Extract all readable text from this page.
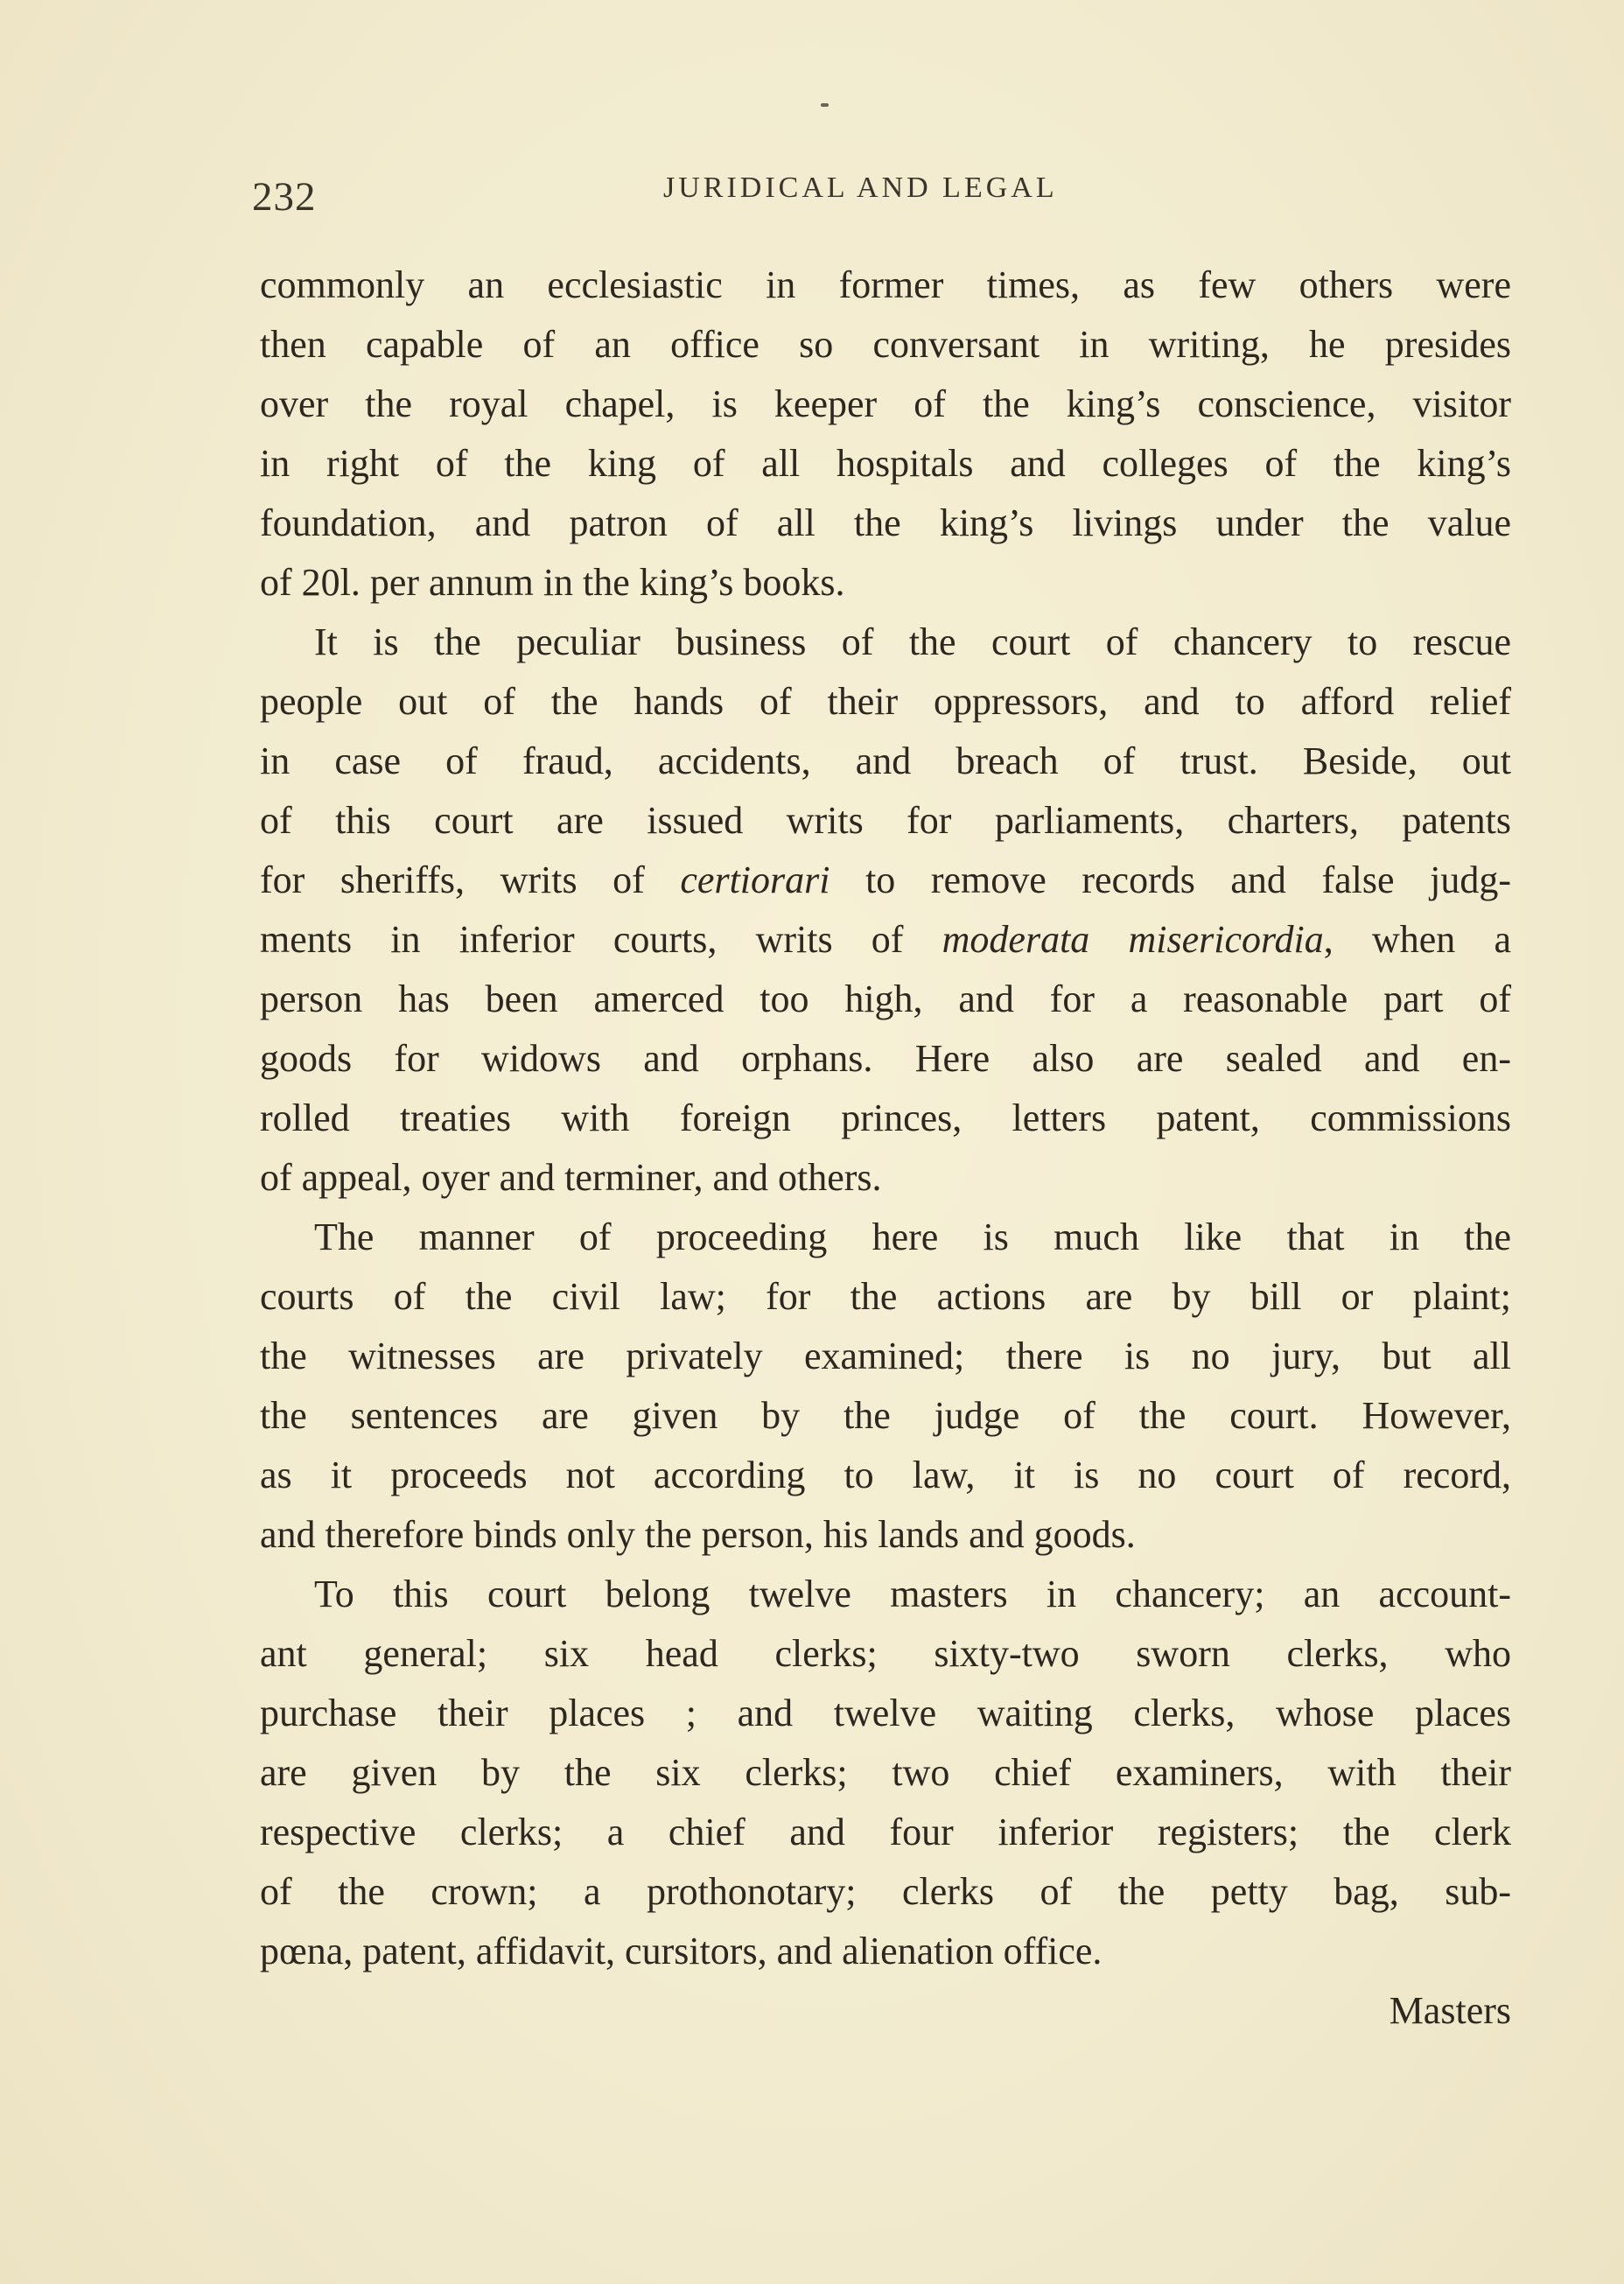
232	JURIDICAL AND LEGAL
commonly an ecclesiastic in former times, as few others were
then capable of an office so conversant in writing, he presides
over the royal chapel, is keeper of the king’s conscience, visitor
in right of the king of all hospitals and colleges of the king’s
foundation, and patron of all the king’s livings under the value
of 20l. per annum in the king’s books.
It is the peculiar business of the court of chancery to rescue
people out of the hands of their oppressors, and to afford relief
in case of fraud, accidents, and breach of trust. Beside, out
of this court are issued writs for parliaments, charters, patents
for sheriffs, writs of certiorari to remove records and false judg-
ments in inferior courts, writs of moderata misericordia, when a
person has been amerced too high, and for a reasonable part of
goods for widows and orphans. Here also are sealed and en-
rolled treaties with foreign princes, letters patent, commissions
of appeal, oyer and terminer, and others.
The manner of proceeding here is much like that in the
courts of the civil law; for the actions are by bill or plaint;
the witnesses are privately examined; there is no jury, but all
the sentences are given by the judge of the court. However,
as it proceeds not according to law, it is no court of record,
and therefore binds only the person, his lands and goods.
To this court belong twelve masters in chancery; an account-
ant general; six head clerks; sixty-two sworn clerks, who
purchase their places ; and twelve waiting clerks, whose places
are given by the six clerks; two chief examiners, with their
respective clerks; a chief and four inferior registers; the clerk
of the crown; a prothonotary; clerks of the petty bag, sub-
pœna, patent, affidavit, cursitors, and alienation office.
Masters
